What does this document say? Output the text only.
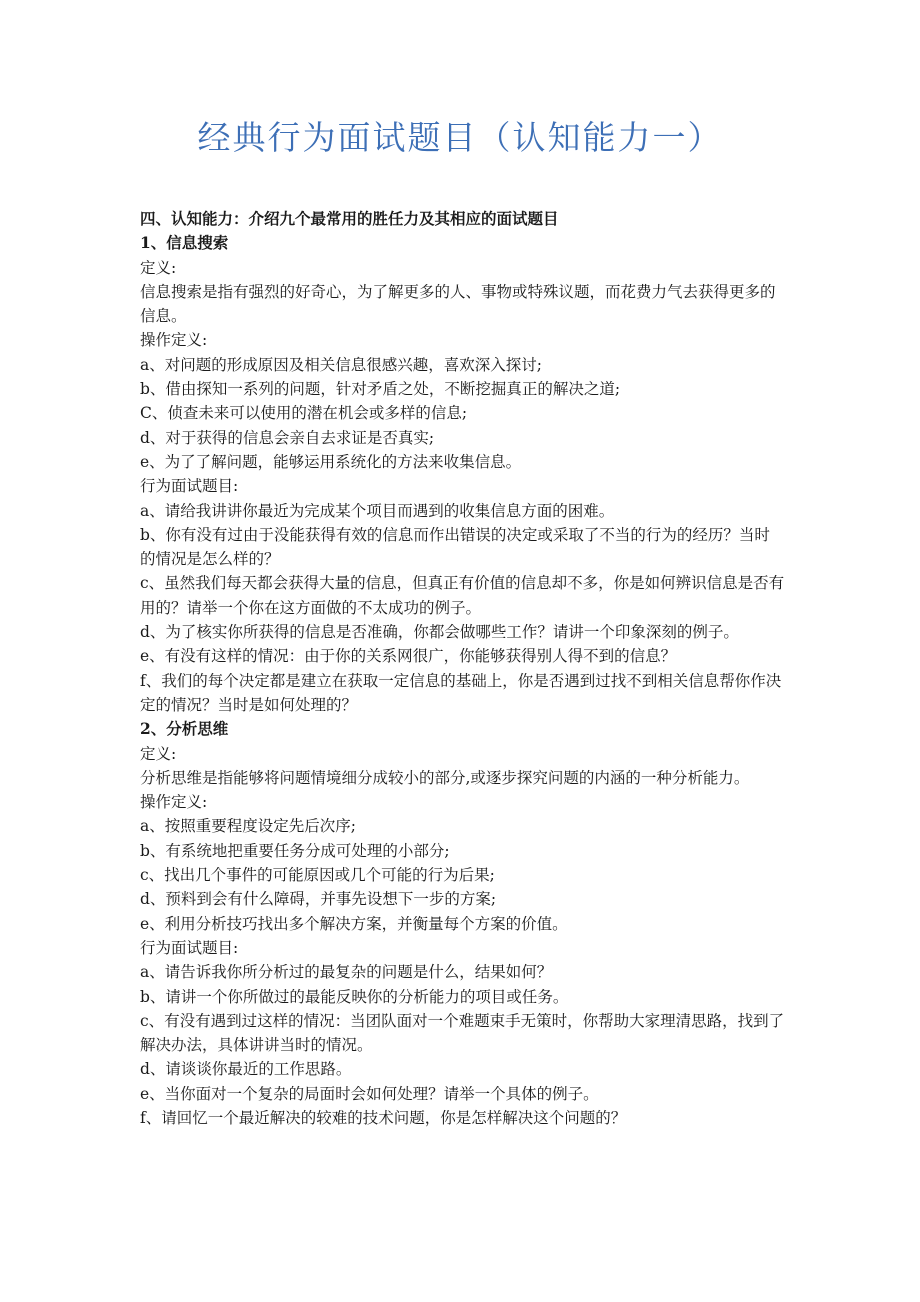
经典行为面试题目（认知能力一）

四、认知能力：介绍九个最常用的胜任力及其相应的面试题目

1、信息搜索

定义:

信息搜索是指有强烈的好奇心，为了解更多的人、事物或特殊议题，而花费力气去获得更多的信息。

操作定义:

a、对问题的形成原因及相关信息很感兴趣，喜欢深入探讨;

b、借由探知一系列的问题，针对矛盾之处，不断挖掘真正的解决之道;

C、侦查未来可以使用的潜在机会或多样的信息;

d、对于获得的信息会亲自去求证是否真实;

e、为了了解问题，能够运用系统化的方法来收集信息。

行为面试题目:

a、请给我讲讲你最近为完成某个项目而遇到的收集信息方面的困难。

b、你有没有过由于没能获得有效的信息而作出错误的决定或采取了不当的行为的经历？当时的情况是怎么样的？

c、虽然我们每天都会获得大量的信息，但真正有价值的信息却不多，你是如何辨识信息是否有用的？请举一个你在这方面做的不太成功的例子。

d、为了核实你所获得的信息是否准确，你都会做哪些工作？请讲一个印象深刻的例子。

e、有没有这样的情况：由于你的关系网很广，你能够获得别人得不到的信息？

f、我们的每个决定都是建立在获取一定信息的基础上，你是否遇到过找不到相关信息帮你作决定的情况？当时是如何处理的？

2、分析思维

定义:

分析思维是指能够将问题情境细分成较小的部分,或逐步探究问题的内涵的一种分析能力。

操作定义:

a、按照重要程度设定先后次序;

b、有系统地把重要任务分成可处理的小部分;

c、找出几个事件的可能原因或几个可能的行为后果;

d、预料到会有什么障碍，并事先设想下一步的方案;

e、利用分析技巧找出多个解决方案，并衡量每个方案的价值。

行为面试题目:

a、请告诉我你所分析过的最复杂的问题是什么，结果如何？

b、请讲一个你所做过的最能反映你的分析能力的项目或任务。

c、有没有遇到过这样的情况：当团队面对一个难题束手无策时，你帮助大家理清思路，找到了解决办法，具体讲讲当时的情况。

d、请谈谈你最近的工作思路。

e、当你面对一个复杂的局面时会如何处理？请举一个具体的例子。

f、请回忆一个最近解决的较难的技术问题，你是怎样解决这个问题的？
